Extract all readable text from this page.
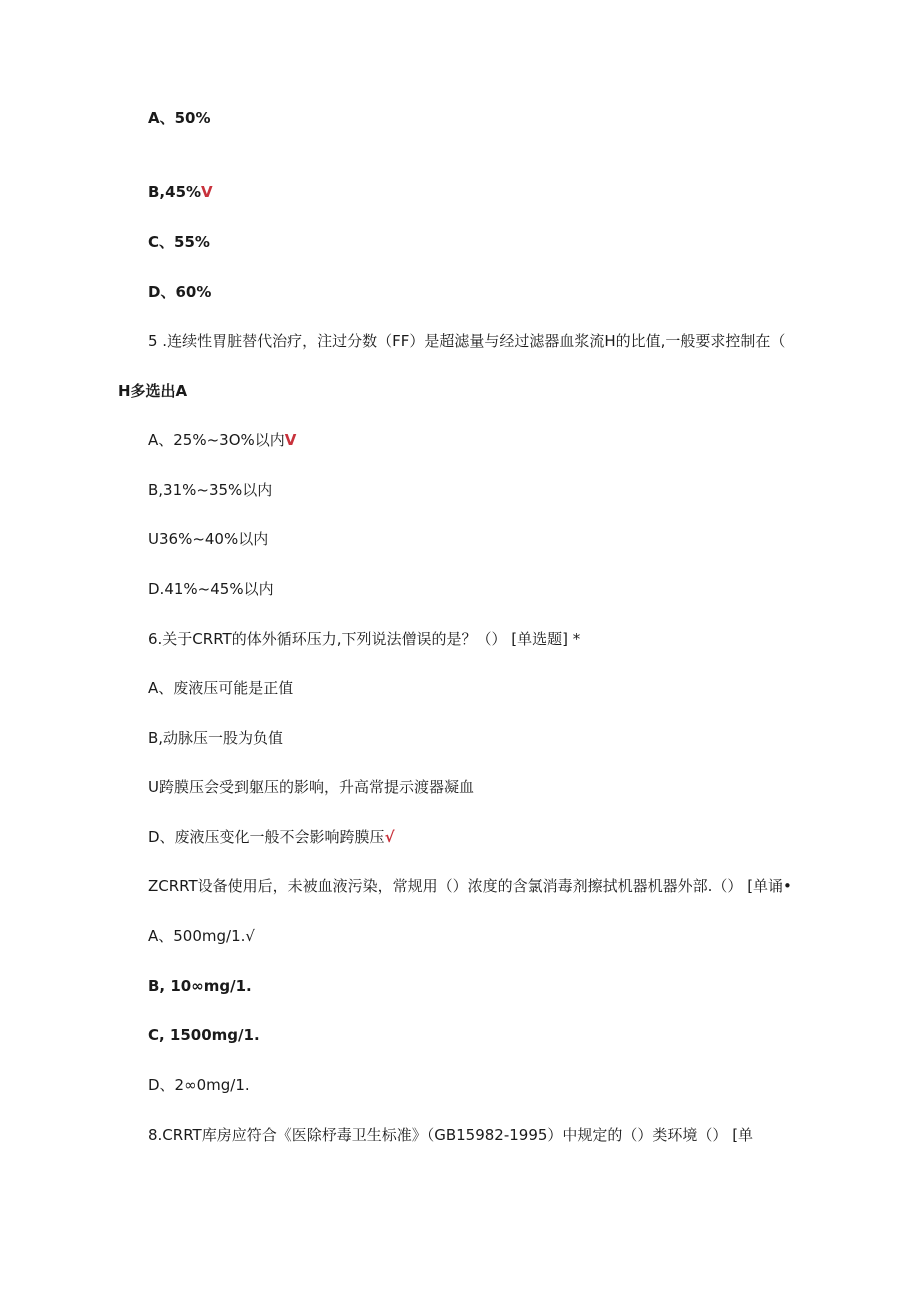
A、50%
B,45%V
C、55%
D、60%
5 .连续性胃脏替代治疗，注过分数（FF）是超滤量与经过滤器血浆流H的比值,一般要求控制在（
H多选出A
A、25%~3O%以内V
B,31%~35%以内
U36%~40%以内
D.41%~45%以内
6.关于CRRT的体外循环压力,下列说法僧误的是？（） [单选题] *
A、废液压可能是正值
B,动脉压一股为负值
U跨膜压会受到躯压的影响，升高常提示渡器凝血
D、废液压变化一般不会影响跨膜压√
ZCRRT设备使用后，未被血液污染，常规用（）浓度的含氯消毒剂擦拭机器机器外部.（） [单诵•
A、500mg/1.√
B, 10∞mg/1.
C, 1500mg/1.
D、2∞0mg/1.
8.CRRT库房应符合《医除杼毒卫生标准》（GB15982-1995）中规定的（）类环境（） [单
